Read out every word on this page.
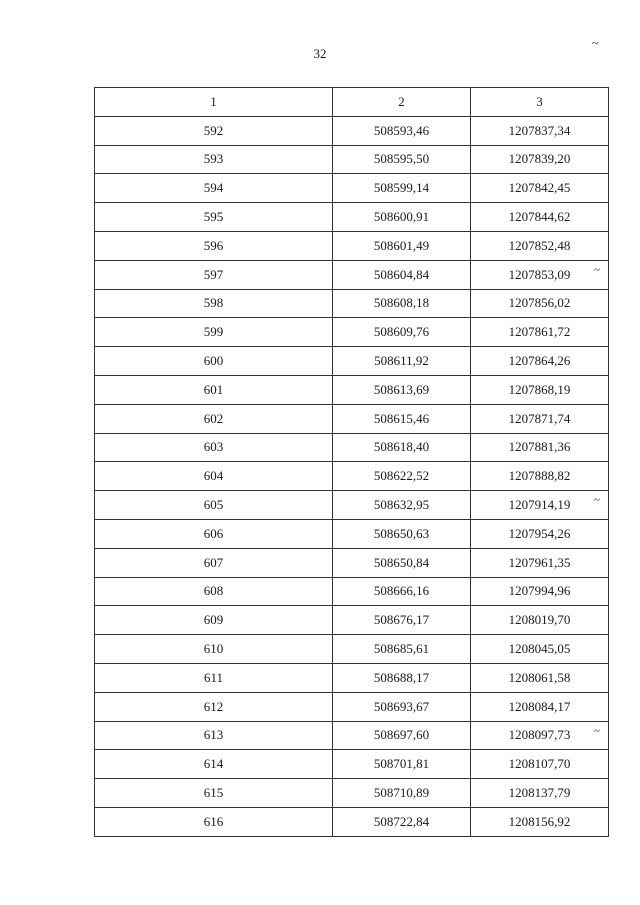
32
~
1	2	3
592	508593,46	1207837,34
593	508595,50	1207839,20
594	508599,14	1207842,45
595	508600,91	1207844,62
596	508601,49	1207852,48
597	508604,84	1207853,09 ~

598	508608,18	1207856,02
599	508609,76	1207861,72
600	508611,92	1207864,26
601	508613,69	1207868,19
602	508615,46	1207871,74
603	508618,40	1207881,36
604	508622,52	1207888,82
605	508632,95	1207914,19 ~

606	508650,63	1207954,26
607	508650,84	1207961,35
608	508666,16	1207994,96
609	508676,17	1208019,70
610	508685,61	1208045,05
611	508688,17	1208061,58
612	508693,67	1208084,17
613	508697,60	1208097,73 ~

614	508701,81	1208107,70
615	508710,89	1208137,79
616	508722,84	1208156,92
